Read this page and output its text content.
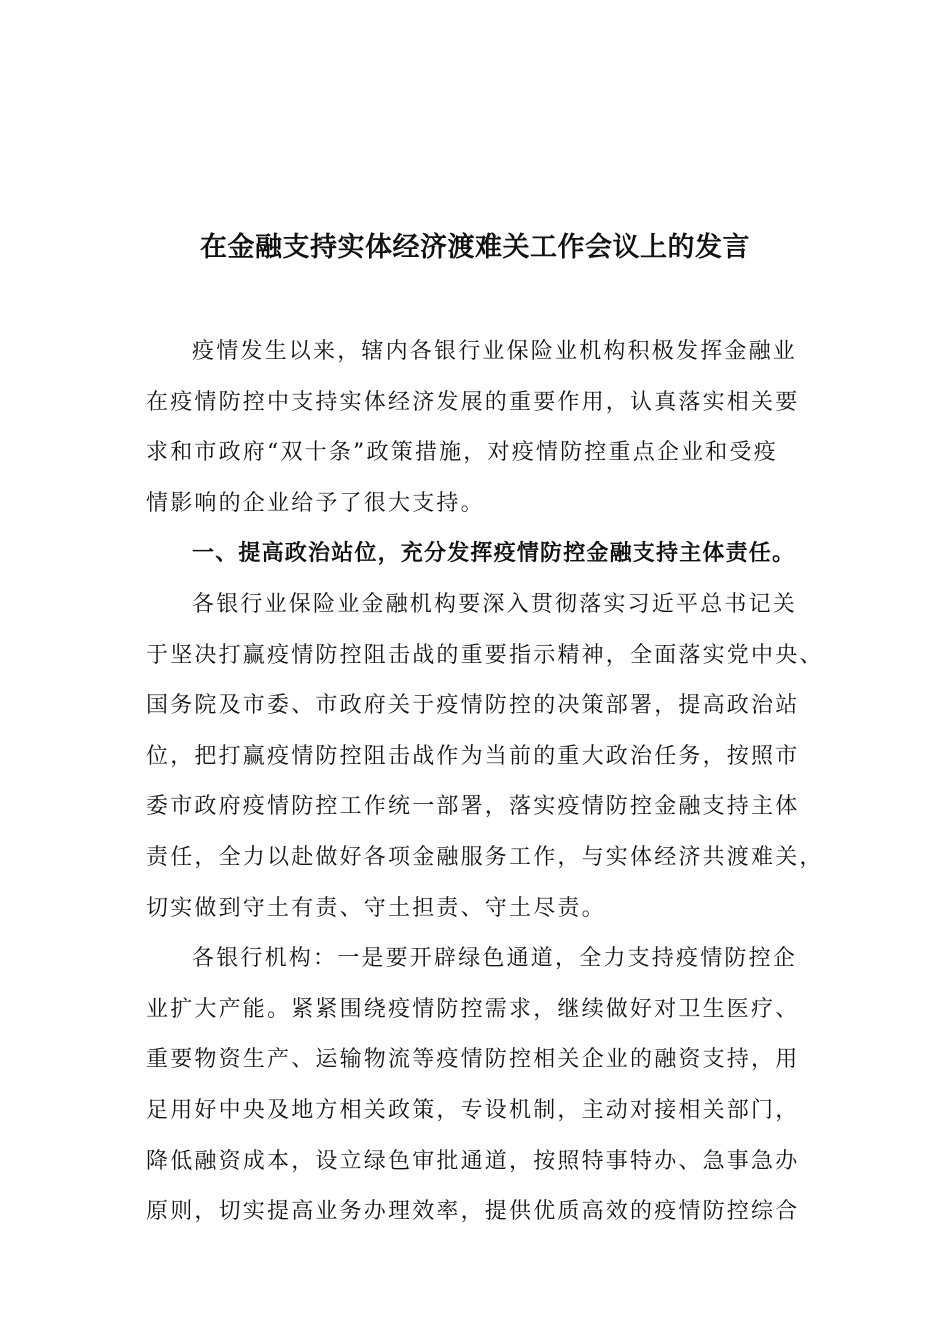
在金融支持实体经济渡难关工作会议上的发言
疫情发生以来，辖内各银行业保险业机构积极发挥金融业
在疫情防控中支持实体经济发展的重要作用，认真落实相关要
求和市政府“双十条”政策措施，对疫情防控重点企业和受疫
情影响的企业给予了很大支持。
一、提高政治站位，充分发挥疫情防控金融支持主体责任。
各银行业保险业金融机构要深入贯彻落实习近平总书记关
于坚决打赢疫情防控阻击战的重要指示精神，全面落实党中央、
国务院及市委、市政府关于疫情防控的决策部署，提高政治站
位，把打赢疫情防控阻击战作为当前的重大政治任务，按照市
委市政府疫情防控工作统一部署，落实疫情防控金融支持主体
责任，全力以赴做好各项金融服务工作，与实体经济共渡难关，
切实做到守土有责、守土担责、守土尽责。
各银行机构：一是要开辟绿色通道，全力支持疫情防控企
业扩大产能。紧紧围绕疫情防控需求，继续做好对卫生医疗、
重要物资生产、运输物流等疫情防控相关企业的融资支持，用
足用好中央及地方相关政策，专设机制，主动对接相关部门，
降低融资成本，设立绿色审批通道，按照特事特办、急事急办
原则，切实提高业务办理效率，提供优质高效的疫情防控综合
